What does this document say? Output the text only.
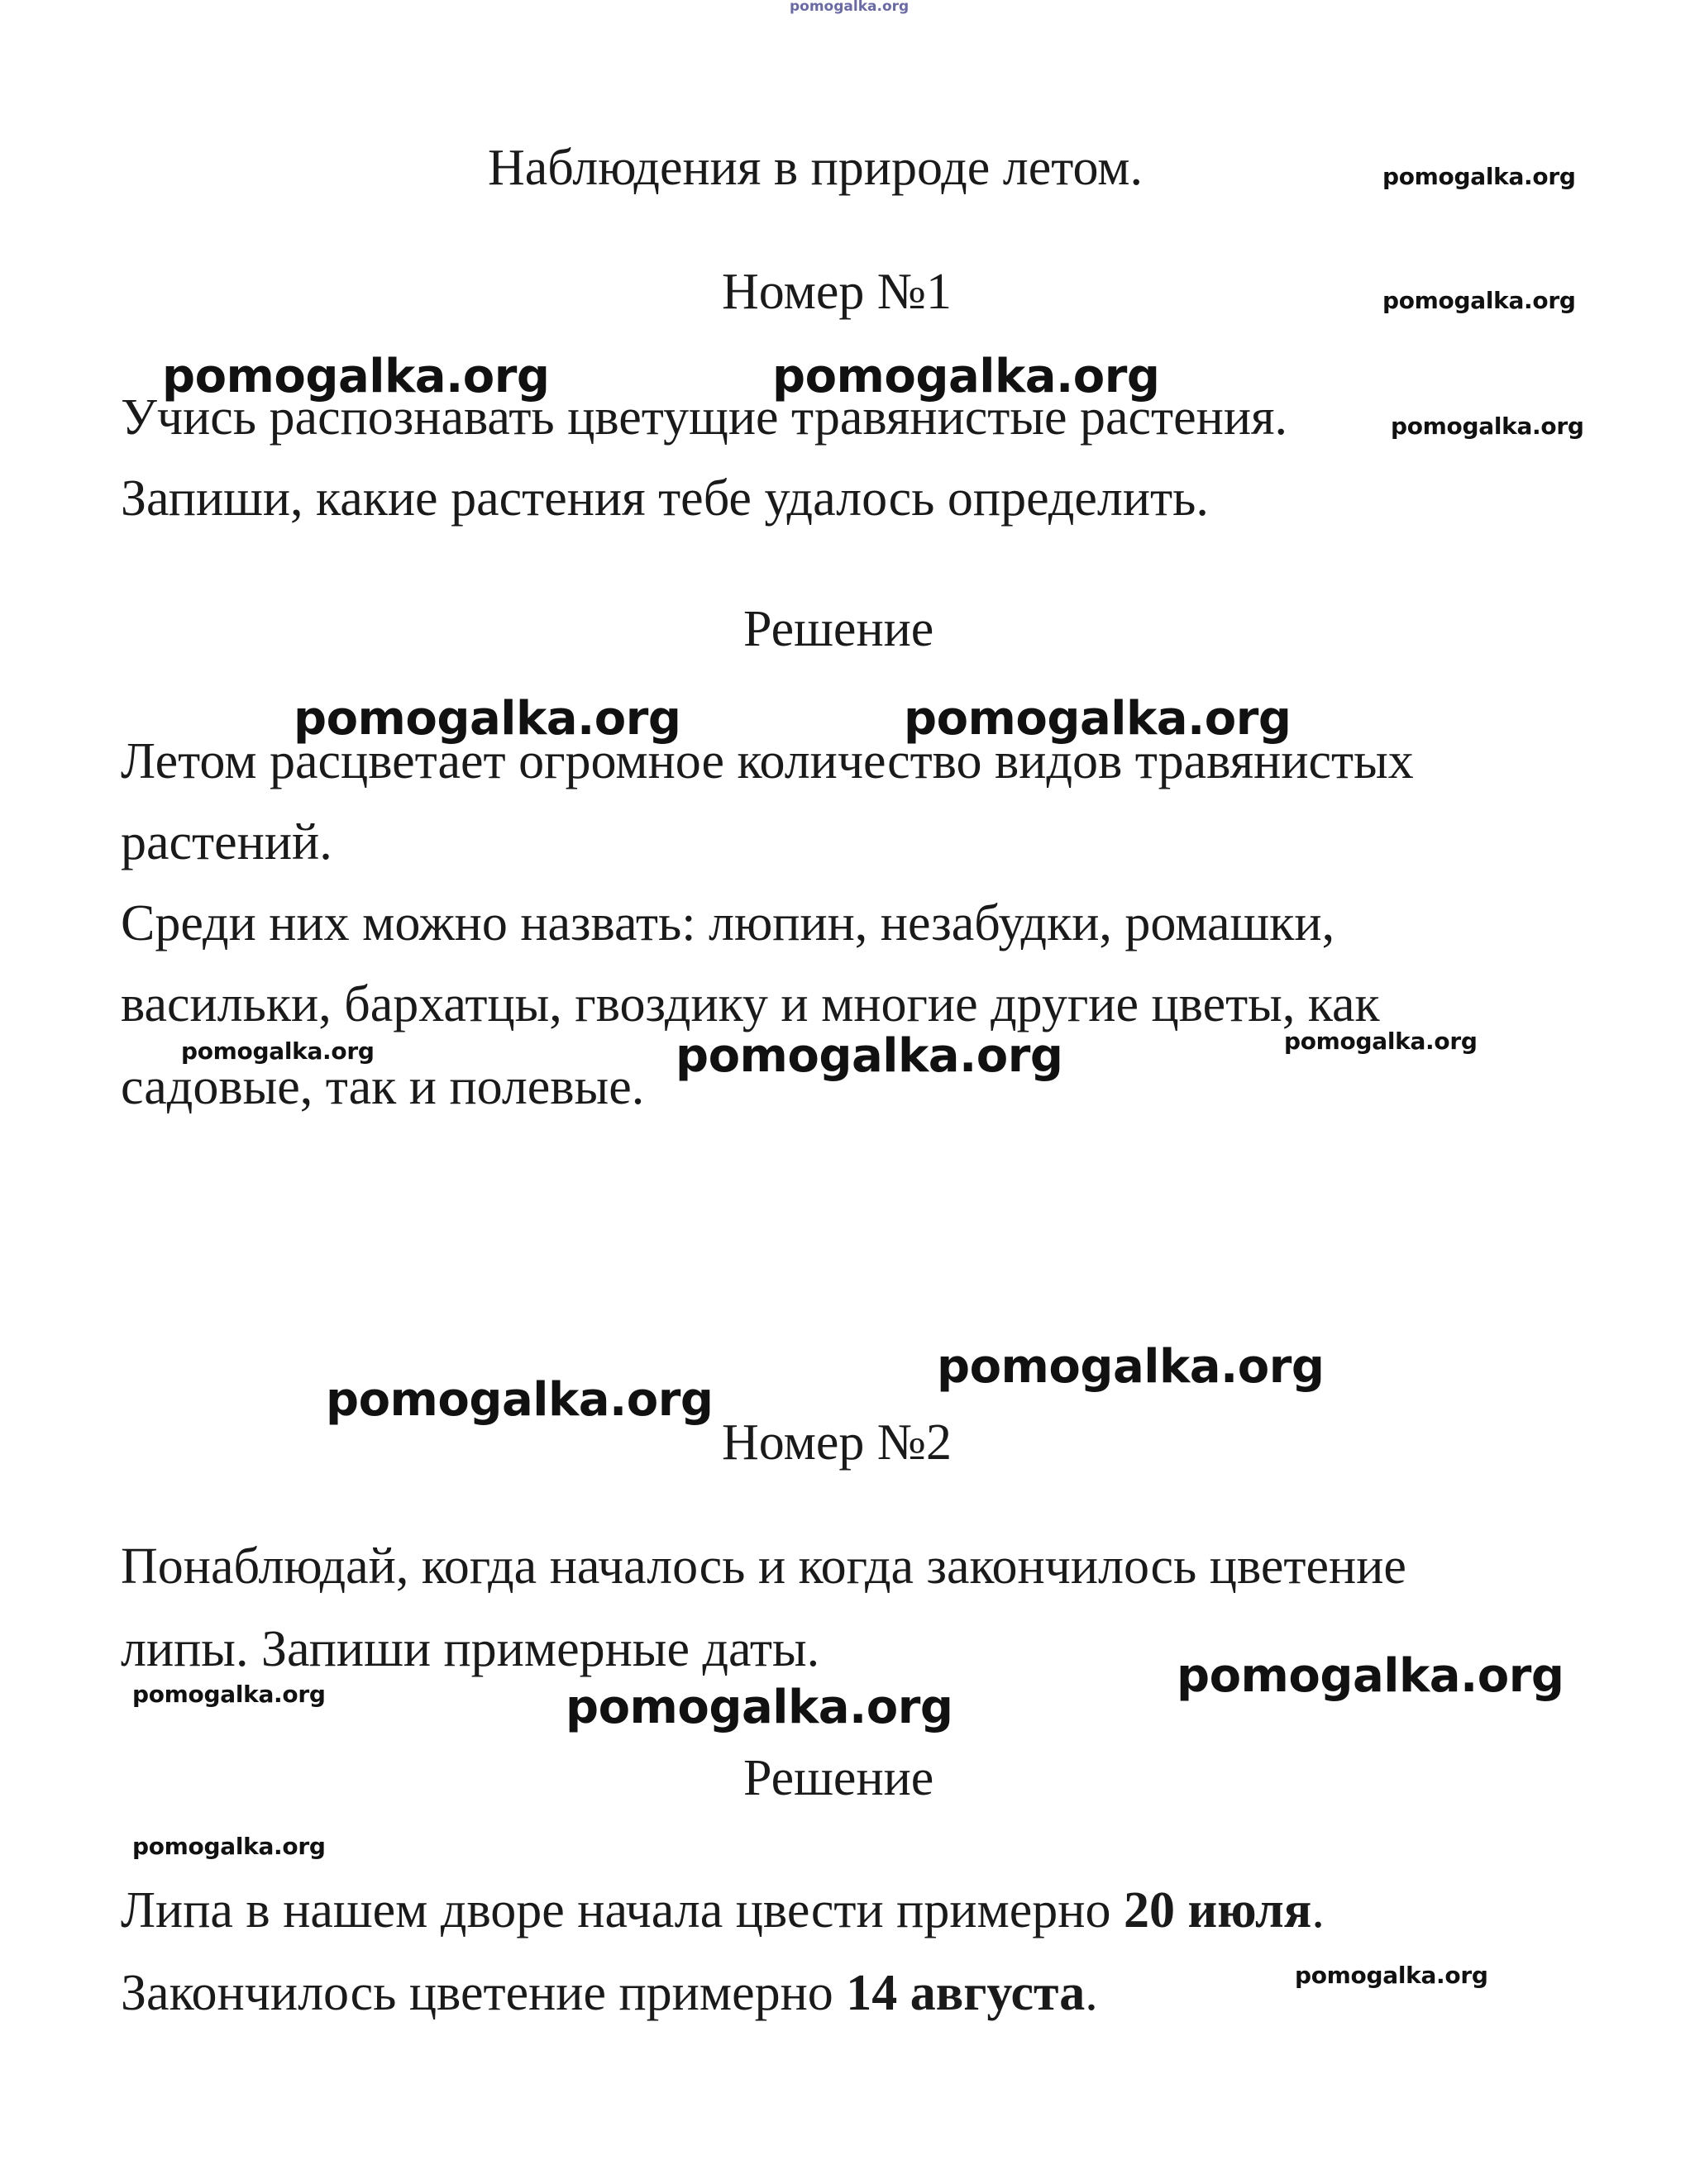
pomogalka.org
Наблюдения в природе летом.	pomogalka.org
Номер №1	pomogalka.org

Учись распознавать цветущие травянистые растения.

Запиши, какие растения тебе удалось определить.

pomogalka.org	pomogalka.org
pomogalka.org
Решение

Летом расцветает огромное количество видов травянистых

растений.

Среди них можно назвать: люпин, незабудки, ромашки,

васильки, бархатцы, гвоздику и многие другие цветы, как

садовые, так и полевые.

pomogalka.org	pomogalka.org
pomogalka.org	pomogalka.org	pomogalka.org
pomogalka.org
pomogalka.org
Номер №2

Понаблюдай, когда началось и когда закончилось цветение

липы. Запиши примерные даты.	pomogalka.org
pomogalka.org	pomogalka.org
Решение
pomogalka.org

Липа в нашем дворе начала цвести примерно 20 июля.

Закончилось цветение примерно 14 августа.	pomogalka.org
